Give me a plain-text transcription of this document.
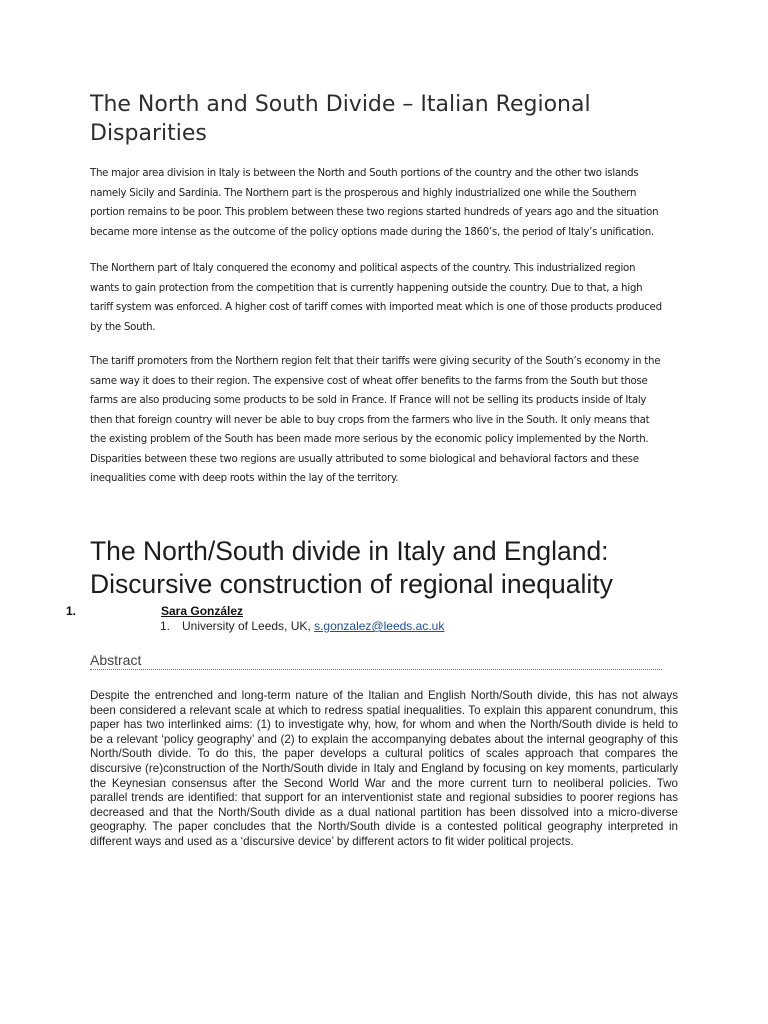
The North and South Divide – Italian Regional Disparities

The major area division in Italy is between the North and South portions of the country and the other two islands namely Sicily and Sardinia. The Northern part is the prosperous and highly industrialized one while the Southern portion remains to be poor. This problem between these two regions started hundreds of years ago and the situation became more intense as the outcome of the policy options made during the 1860’s, the period of Italy’s unification.

The Northern part of Italy conquered the economy and political aspects of the country. This industrialized region wants to gain protection from the competition that is currently happening outside the country. Due to that, a high tariff system was enforced. A higher cost of tariff comes with imported meat which is one of those products produced by the South.

The tariff promoters from the Northern region felt that their tariffs were giving security of the South’s economy in the same way it does to their region. The expensive cost of wheat offer benefits to the farms from the South but those farms are also producing some products to be sold in France. If France will not be selling its products inside of Italy then that foreign country will never be able to buy crops from the farmers who live in the South. It only means that the existing problem of the South has been made more serious by the economic policy implemented by the North. Disparities between these two regions are usually attributed to some biological and behavioral factors and these inequalities come with deep roots within the lay of the territory.

The North/South divide in Italy and England: Discursive construction of regional inequality
1.	Sara González
1. University of Leeds, UK, s.gonzalez@leeds.ac.uk
Abstract

Despite the entrenched and long-term nature of the Italian and English North/South divide, this has not always been considered a relevant scale at which to redress spatial inequalities. To explain this apparent conundrum, this paper has two interlinked aims: (1) to investigate why, how, for whom and when the North/South divide is held to be a relevant ‘policy geography’ and (2) to explain the accompanying debates about the internal geography of this North/South divide. To do this, the paper develops a cultural politics of scales approach that compares the discursive (re)construction of the North/South divide in Italy and England by focusing on key moments, particularly the Keynesian consensus after the Second World War and the more current turn to neoliberal policies. Two parallel trends are identified: that support for an interventionist state and regional subsidies to poorer regions has decreased and that the North/South divide as a dual national partition has been dissolved into a micro-diverse geography. The paper concludes that the North/South divide is a contested political geography interpreted in different ways and used as a ‘discursive device’ by different actors to fit wider political projects.
